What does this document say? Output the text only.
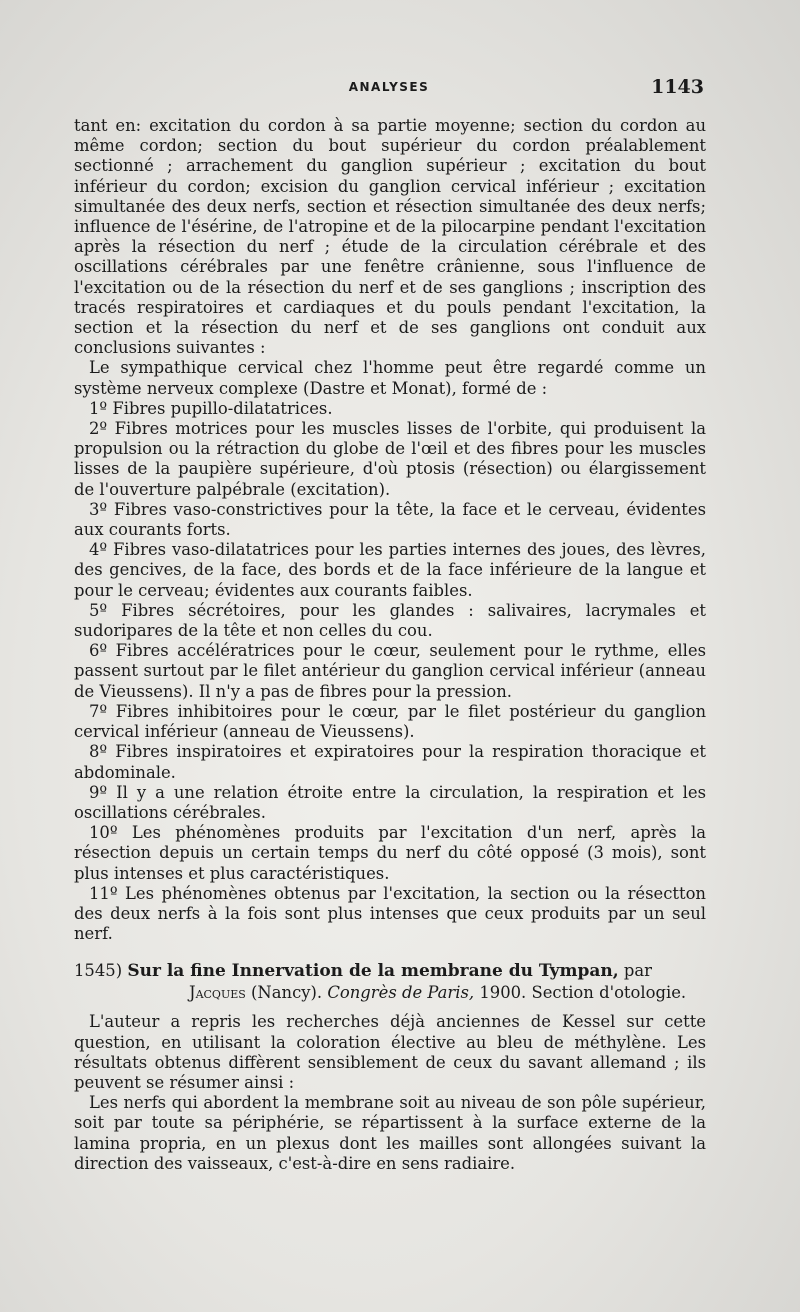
ANALYSES	1143

tant en: excitation du cordon à sa partie moyenne; section du cordon au même cordon; section du bout supérieur du cordon préalablement sectionné ; arrachement du ganglion supérieur ; excitation du bout inférieur du cordon; excision du ganglion cervical inférieur ; excitation simultanée des deux nerfs, section et résection simultanée des deux nerfs; influence de l'ésérine, de l'atropine et de la pilocarpine pendant l'excitation après la résection du nerf ; étude de la circulation cérébrale et des oscillations cérébrales par une fenêtre crânienne, sous l'influence de l'excitation ou de la résection du nerf et de ses ganglions ; inscription des tracés respiratoires et cardiaques et du pouls pendant l'excitation, la section et la résection du nerf et de ses ganglions ont conduit aux conclusions suivantes :

Le sympathique cervical chez l'homme peut être regardé comme un système nerveux complexe (Dastre et Monat), formé de :

1º Fibres pupillo-dilatatrices.

2º Fibres motrices pour les muscles lisses de l'orbite, qui produisent la propulsion ou la rétraction du globe de l'œil et des fibres pour les muscles lisses de la paupière supérieure, d'où ptosis (résection) ou élargissement de l'ouverture palpébrale (excitation).

3º Fibres vaso-constrictives pour la tête, la face et le cerveau, évidentes aux courants forts.

4º Fibres vaso-dilatatrices pour les parties internes des joues, des lèvres, des gencives, de la face, des bords et de la face inférieure de la langue et pour le cerveau; évidentes aux courants faibles.

5º Fibres sécrétoires, pour les glandes : salivaires, lacrymales et sudoripares de la tête et non celles du cou.

6º Fibres accélératrices pour le cœur, seulement pour le rythme, elles passent surtout par le filet antérieur du ganglion cervical inférieur (anneau de Vieussens). Il n'y a pas de fibres pour la pression.

7º Fibres inhibitoires pour le cœur, par le filet postérieur du ganglion cervical inférieur (anneau de Vieussens).

8º Fibres inspiratoires et expiratoires pour la respiration thoracique et abdominale.

9º Il y a une relation étroite entre la circulation, la respiration et les oscillations cérébrales.

10º Les phénomènes produits par l'excitation d'un nerf, après la résection depuis un certain temps du nerf du côté opposé (3 mois), sont plus intenses et plus caractéristiques.

11º Les phénomènes obtenus par l'excitation, la section ou la résectton des deux nerfs à la fois sont plus intenses que ceux produits par un seul nerf.

1545) Sur la fine Innervation de la membrane du Tympan, par Jacques (Nancy). Congrès de Paris, 1900. Section d'otologie.

L'auteur a repris les recherches déjà anciennes de Kessel sur cette question, en utilisant la coloration élective au bleu de méthylène. Les résultats obtenus diffèrent sensiblement de ceux du savant allemand ; ils peuvent se résumer ainsi :

Les nerfs qui abordent la membrane soit au niveau de son pôle supérieur, soit par toute sa périphérie, se répartissent à la surface externe de la lamina propria, en un plexus dont les mailles sont allongées suivant la direction des vaisseaux, c'est-à-dire en sens radiaire.
